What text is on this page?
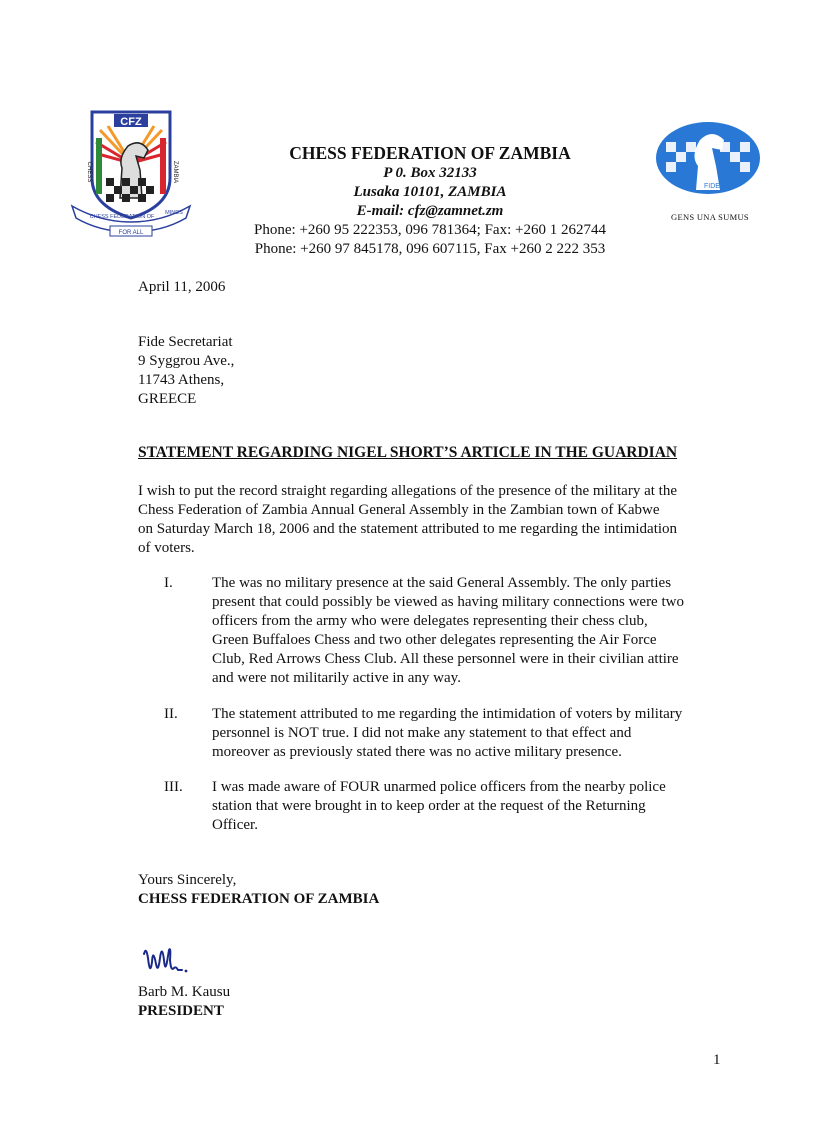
CFZ
CHESS	ZAMBIA
CHESS FEDERATION OF
MINDS
FOR ALL
CHESS FEDERATION OF ZAMBIA
P 0. Box 32133
Lusaka 10101, ZAMBIA
E-mail: cfz@zamnet.zm
Phone: +260 95 222353, 096 781364; Fax: +260 1 262744
Phone: +260 97 845178, 096 607115, Fax +260 2 222 353
FIDE
GENS UNA SUMUS
April 11, 2006
Fide Secretariat
9 Syggrou Ave.,
11743 Athens,
GREECE
STATEMENT REGARDING NIGEL SHORT’S ARTICLE IN THE GUARDIAN
I wish to put the record straight regarding allegations of the presence of the military at the
Chess Federation of Zambia Annual General Assembly in the Zambian town of Kabwe
on Saturday March 18, 2006 and the statement attributed to me regarding the intimidation
of voters.
I.	The was no military presence at the said General Assembly. The only parties
present that could possibly be viewed as having military connections were two
officers from the army who were delegates representing their chess club,
Green Buffaloes Chess and two other delegates representing the Air Force
Club, Red Arrows Chess Club. All these personnel were in their civilian attire
and were not militarily active in any way.
II. The statement attributed to me regarding the intimidation of voters by military
personnel is NOT true. I did not make any statement to that effect and
moreover as previously stated there was no active military presence.
III. I was made aware of FOUR unarmed police officers from the nearby police
station that were brought in to keep order at the request of the Returning
Officer.
Yours Sincerely,
CHESS FEDERATION OF ZAMBIA
Barb M. Kausu
PRESIDENT
1
